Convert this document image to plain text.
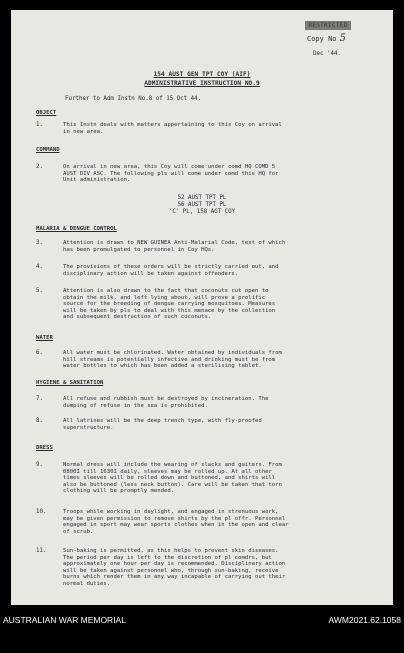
RESTRICTED
Copy No 5
Dec '44.
154 AUST GEN TPT COY (AIF)
ADMINISTRATIVE INSTRUCTION NO.9
Further to Adm Instn No.8 of 15 Oct 44.
OBJECT
1.	This Instn deals with matters appertaining to this Coy on arrival
in new area.
COMMAND
2.	On arrival in new area, this Coy will come under comd HQ COMD 5
AUST DIV ASC. The following pls will come under comd this HQ for
Unit administration.
52 AUST TPT PL
56 AUST TPT PL
'C' PL, 158 AGT COY
MALARIA & DENGUE CONTROL
3.	Attention is drawn to NEW GUINEA Anti-Malarial Code, text of which
has been promulgated to personnel in Coy HQs.
4.	The provisions of these orders will be strictly carried out, and
disciplinary action will be taken against offenders.
5.	Attention is also drawn to the fact that coconuts cut open to
obtain the milk, and left lying about, will prove a prolific
source for the breeding of dengue carrying mosquitoes. Measures
will be taken by pls to deal with this menace by the collection
and subsequent destruction of such coconuts.
WATER
6.	All water must be chlorinated. Water obtained by individuals from
hill streams is potentially infective and drinking must be from
water bottles to which has been added a sterilising tablet.
HYGIENE & SANITATION
7.	All refuse and rubbish must be destroyed by incineration. The
dumping of refuse in the sea is prohibited.
8.	All latrines will be the deep trench type, with fly-proofed
superstructure.
DRESS
9.	Normal dress will include the wearing of slacks and gaiters. From
0800I till 1630I daily, sleeves may be rolled up. At all other
times sleeves will be rolled down and buttoned, and shirts will
also be buttoned (less neck button). Care will be taken that torn
clothing will be promptly mended.
10.	Troops while working in daylight, and engaged in strenuous work,
may be given permission to remove shirts by the pl offr. Personnel
engaged in sport may wear sports clothes when in the open and clear
of scrub.
11.	Sun-baking is permitted, as this helps to prevent skin diseases.
The period per day is left to the discretion of pl comdrs, but
approximately one hour per day is recommended. Disciplinary action
will be taken against personnel who, through sun-baking, receive
burns which render them in any way incapable of carrying out their
normal duties.
AUSTRALIAN WAR MEMORIAL	AWM2021.62.1058
